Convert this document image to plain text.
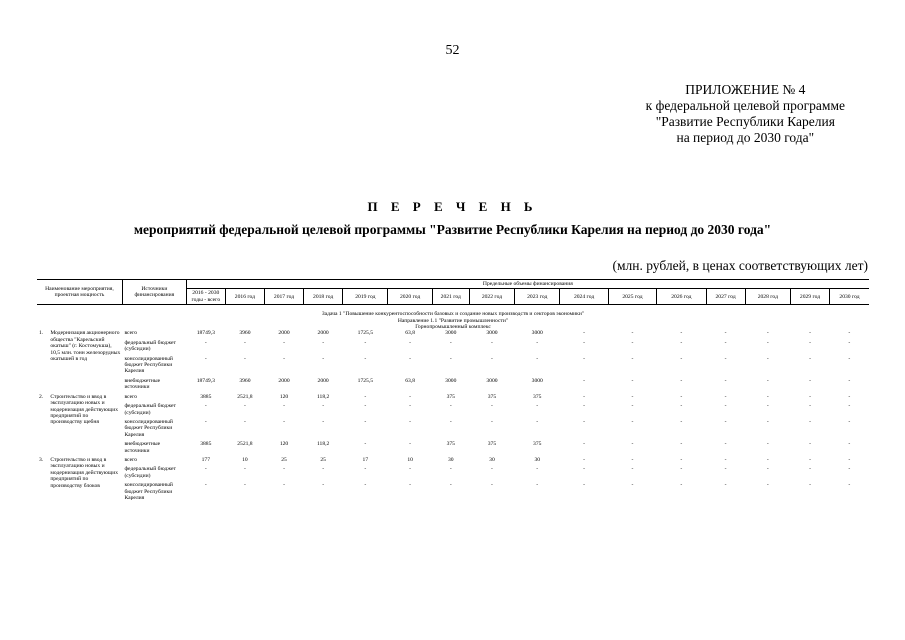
52
ПРИЛОЖЕНИЕ № 4
к федеральной целевой программе
"Развитие Республики Карелия
на период до 2030 года"
П Е Р Е Ч Е Н Ь
мероприятий федеральной целевой программы "Развитие Республики Карелия на период до 2030 года"
(млн. рублей, в ценах соответствующих лет)
Наименование мероприятия, проектная мощность		Источники финансирования	Предельные объемы финансирования															
			2016 - 2030 годы - всего	2016 год	2017 год	2018 год	2019 год	2020 год	2021 год	2022 год	2023 год	2024 год	2025 год	2026 год	2027 год	2028 год	2029 год	2030 год

Задача 1 "Повышение конкурентоспособности базовых и создание новых производств и секторов экономики"																		
Направление 1.1 "Развитие промышленности"																		
Горнопромышленный комплекс																		
1.	Модернизация акционерного общества "Карельский окатыш" (г. Костомукша), 10,5 млн. тонн железорудных окатышей в год	всего	18749,3	3960	2000	2000	1725,5	63,8	3000	3000	3000	-	-	-	-	-	-	-
		федеральный бюджет (субсидии)	-	-	-	-	-	-	-	-	-	-	-	-	-	-	-	-
		консолидированный бюджет Республики Карелия	-	-	-	-	-	-	-	-	-	-	-	-	-	-	-	-
		внебюджетные источники	18749,3	3960	2000	2000	1725,5	63,8	3000	3000	3000	-	-	-	-	-	-	-
2.	Строительство и ввод в эксплуатацию новых и модернизация действующих предприятий по производству щебня	всего	3885	2521,8	120	118,2	-	-	375	375	375	-	-	-	-	-	-	-
		федеральный бюджет (субсидии)	-	-	-	-	-	-	-	-	-	-	-	-	-	-	-	-
		консолидированный бюджет Республики Карелия	-	-	-	-	-	-	-	-	-	-	-	-	-	-	-	-
		внебюджетные источники	3885	2521,8	120	118,2	-	-	375	375	375	-	-	-	-	-	-	-
3.	Строительство и ввод в эксплуатацию новых и модернизация действующих предприятий по производству блоков	всего	177	10	25	25	17	10	30	30	30	-	-	-	-	-	-	-
		федеральный бюджет (субсидии)	-	-	-	-	-	-	-	-	-	-	-	-	-	-	-	-
		консолидированный бюджет Республики Карелия	-	-	-	-	-	-	-	-	-	-	-	-	-	-	-	-
